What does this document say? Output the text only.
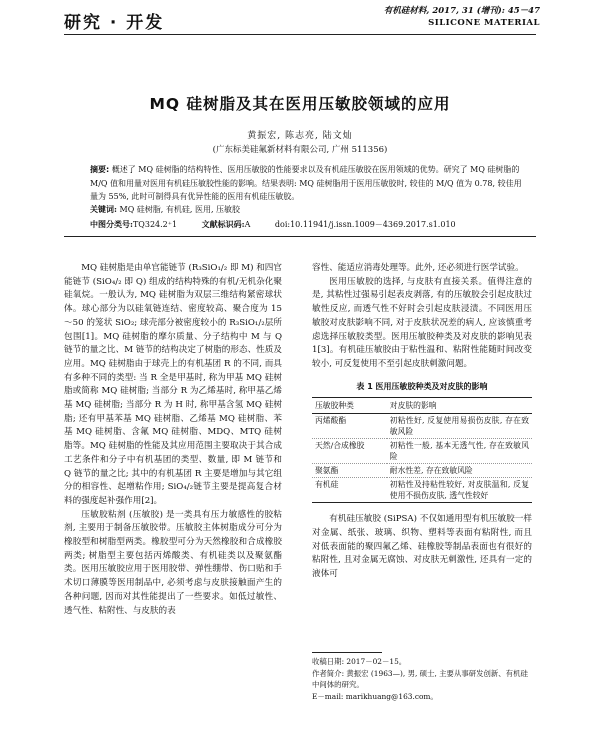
研究 · 开发
有机硅材料, 2017, 31 (增刊): 45－47
SILICONE MATERIAL
MQ 硅树脂及其在医用压敏胶领域的应用
黄振宏, 陈志亮, 陆文灿
(广东标美硅氟新材料有限公司, 广州 511356)
摘要: 概述了 MQ 硅树脂的结构特性、医用压敏胶的性能要求以及有机硅压敏胶在医用领域的优势。研究了 MQ 硅树脂的 M/Q 值和用量对医用有机硅压敏胶性能的影响。结果表明: MQ 硅树脂用于医用压敏胶时, 较佳的 M/Q 值为 0.78, 较佳用量为 55%, 此时可制得具有优异性能的医用有机硅压敏胶。
关键词: MQ 硅树脂, 有机硅, 医用, 压敏胶
中图分类号:TQ324.2⁺1	文献标识码:A	doi:10.11941/j.issn.1009－4369.2017.s1.010

MQ 硅树脂是由单官能链节 (R₃SiO₁/₂ 即 M) 和四官能链节 (SiO₄/₂ 即 Q) 组成的结构特殊的有机/无机杂化聚硅氧烷。一般认为, MQ 硅树脂为双层三维结构紧密球状体。球心部分为以硅氧链连结、密度较高、聚合度为 15～50 的笼状 SiO₂; 球壳部分被密度较小的 R₃SiO₁/₂层所包围[1]。MQ 硅树脂的摩尔质量、分子结构中 M 与 Q 链节的量之比、M 链节的结构决定了树脂的形态、性质及应用。MQ 硅树脂由于球壳上的有机基团 R 的不同, 而具有多种不同的类型: 当 R 全是甲基时, 称为甲基 MQ 硅树脂或简称 MQ 硅树脂; 当部分 R 为乙烯基时, 称甲基乙烯基 MQ 硅树脂; 当部分 R 为 H 时, 称甲基含氢 MQ 硅树脂; 还有甲基苯基 MQ 硅树脂、乙烯基 MQ 硅树脂、苯基 MQ 硅树脂、含氟 MQ 硅树脂、MDQ、MTQ 硅树脂等。MQ 硅树脂的性能及其应用范围主要取决于其合成工艺条件和分子中有机基团的类型、数量, 即 M 链节和 Q 链节的量之比; 其中的有机基团 R 主要是增加与其它组分的相容性、起增粘作用; SiO₄/₂链节主要是提高复合材料的强度起补强作用[2]。

压敏胶粘剂 (压敏胶) 是一类具有压力敏感性的胶粘剂, 主要用于制备压敏胶带。压敏胶主体树脂成分可分为橡胶型和树脂型两类。橡胶型可分为天然橡胶和合成橡胶两类; 树脂型主要包括丙烯酸类、有机硅类以及聚氨酯类。医用压敏胶应用于医用胶带、弹性绷带、伤口贴和手术切口薄膜等医用制品中, 必须考虑与皮肤接触面产生的各种问题, 因而对其性能提出了一些要求。如低过敏性、透气性、粘附性、与皮肤的表

容性、能适应消毒处理等。此外, 还必须进行医学试验。

医用压敏胶的选择, 与皮肤有直接关系。值得注意的是, 其粘性过强易引起表皮剥落, 有的压敏胶会引起皮肤过敏性反应, 而透气性不好时会引起皮肤浸渍。不同医用压敏胶对皮肤影响不同, 对于皮肤状况差的病人, 应该慎重考虑选择压敏胶类型。医用压敏胶种类及对皮肤的影响见表 1[3]。有机硅压敏胶由于粘性温和、粘附性能随时间改变较小, 可反复使用不至引起皮肤刺激问题。

表 1 医用压敏胶种类及对皮肤的影响
压敏胶种类	对皮肤的影响
丙烯酸酯	初粘性好, 反复使用易损伤皮肤, 存在致敏风险
天然/合成橡胶	初粘性一般, 基本无透气性, 存在致敏风险
聚氨酯	耐水性差, 存在致敏风险
有机硅	初粘性及持粘性较好, 对皮肤温和, 反复使用不损伤皮肤, 透气性较好

有机硅压敏胶 (SiPSA) 不仅如通用型有机压敏胶一样对金属、纸张、玻璃、织物、塑料等表面有粘附性, 而且对低表面能的聚四氟乙烯、硅橡胶等制品表面也有很好的粘附性, 且对金属无腐蚀、对皮肤无刺激性, 还具有一定的液体可

收稿日期: 2017－02－15。
作者简介: 黄振宏 (1963—), 男, 硕士, 主要从事研发创新、有机硅中间体的研究。
E－mail: marikhuang@163.com。
